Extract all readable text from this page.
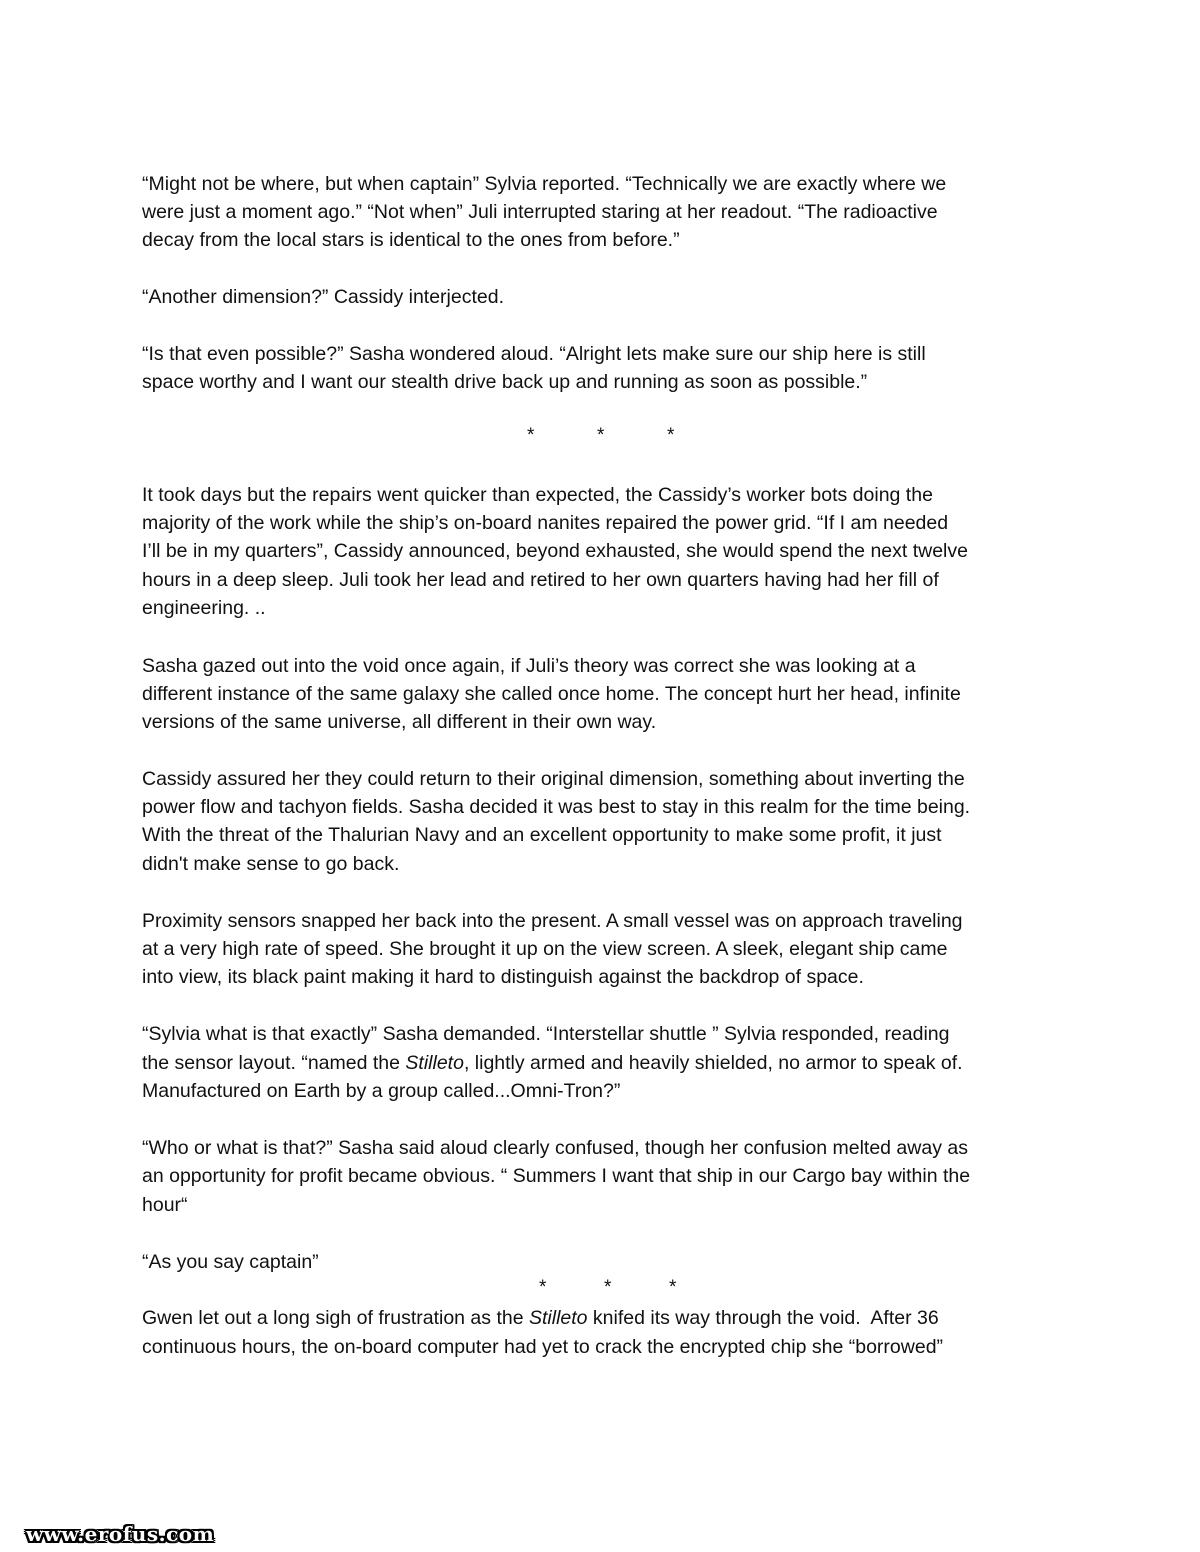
“Might not be where, but when captain” Sylvia reported. “Technically we are exactly where we
were just a moment ago.” “Not when” Juli interrupted staring at her readout. “The radioactive
decay from the local stars is identical to the ones from before.”
“Another dimension?” Cassidy interjected.
“Is that even possible?” Sasha wondered aloud. “Alright lets make sure our ship here is still
space worthy and I want our stealth drive back up and running as soon as possible.”
It took days but the repairs went quicker than expected, the Cassidy’s worker bots doing the
majority of the work while the ship’s on-board nanites repaired the power grid. “If I am needed
I’ll be in my quarters”, Cassidy announced, beyond exhausted, she would spend the next twelve
hours in a deep sleep. Juli took her lead and retired to her own quarters having had her fill of
engineering. ..
Sasha gazed out into the void once again, if Juli’s theory was correct she was looking at a
different instance of the same galaxy she called once home. The concept hurt her head, infinite
versions of the same universe, all different in their own way.
Cassidy assured her they could return to their original dimension, something about inverting the
power flow and tachyon fields. Sasha decided it was best to stay in this realm for the time being.
With the threat of the Thalurian Navy and an excellent opportunity to make some profit, it just
didn't make sense to go back.
Proximity sensors snapped her back into the present. A small vessel was on approach traveling
at a very high rate of speed. She brought it up on the view screen. A sleek, elegant ship came
into view, its black paint making it hard to distinguish against the backdrop of space.
“Sylvia what is that exactly” Sasha demanded. “Interstellar shuttle ” Sylvia responded, reading
the sensor layout. “named the Stilleto, lightly armed and heavily shielded, no armor to speak of.
Manufactured on Earth by a group called...Omni-Tron?”
“Who or what is that?” Sasha said aloud clearly confused, though her confusion melted away as
an opportunity for profit became obvious. “ Summers I want that ship in our Cargo bay within the
hour“
“As you say captain”
Gwen let out a long sigh of frustration as the Stilleto knifed its way through the void.  After 36
continuous hours, the on-board computer had yet to crack the encrypted chip she “borrowed”
*	*	*
*	*	*
www.erofus.com
